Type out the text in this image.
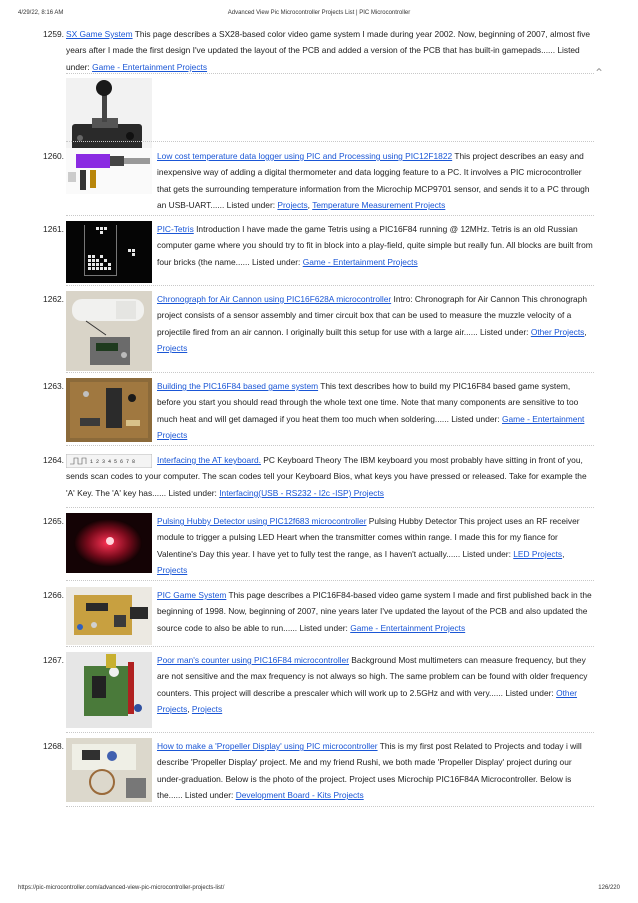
4/29/22, 8:16 AM	Advanced View Pic Microcontroller Projects List | PIC Microcontroller
⌃
1259. SX Game System This page describes a SX28-based color video game system I made during year 2002. Now, beginning of 2007, almost five years after I made the first design I've updated the layout of the PCB and added a version of the PCB that has built-in gamepads...... Listed under: Game - Entertainment Projects
1260.	Low cost temperature data logger using PIC and Processing using PIC12F1822 This project describes an easy and inexpensive way of adding a digital thermometer and data logging feature to a PC. It involves a PIC microcontroller that gets the surrounding temperature information from the Microchip MCP9701 sensor, and sends it to a PC through an USB-UART...... Listed under: Projects, Temperature Measurement Projects
1261.	PIC-Tetris Introduction I have made the game Tetris using a PIC16F84 running @ 12MHz. Tetris is an old Russian computer game where you should try to fit in block into a play-field, quite simple but really fun. All blocks are built from four bricks (the name...... Listed under: Game - Entertainment Projects
1262.	Chronograph for Air Cannon using PIC16F628A microcontroller Intro: Chronograph for Air Cannon This chronograph project consists of a sensor assembly and timer circuit box that can be used to measure the muzzle velocity of a projectile fired from an air cannon. I originally built this setup for use with a large air...... Listed under: Other Projects, Projects
1263.	Building the PIC16F84 based game system This text describes how to build my PIC16F84 based game system, before you start you should read through the whole text one time. Note that many components are sensitive to too much heat and will get damaged if you heat them too much when soldering...... Listed under: Game - Entertainment Projects
1264.	1 2 3 4 5 6 7 8	Interfacing the AT keyboard. PC Keyboard Theory The IBM keyboard you most probably have sitting in front of you, sends scan codes to your computer. The scan codes tell your Keyboard Bios, what keys you have pressed or released. Take for example the 'A' Key. The 'A' key has...... Listed under: Interfacing(USB - RS232 - I2c -ISP) Projects

1265.	Pulsing Hubby Detector using PIC12f683 microcontroller Pulsing Hubby Detector This project uses an RF receiver module to trigger a pulsing LED Heart when the transmitter comes within range. I made this for my fiance for Valentine's Day this year. I have yet to fully test the range, as I haven't actually...... Listed under: LED Projects, Projects
1266.	PIC Game System This page describes a PIC16F84-based video game system I made and first published back in the beginning of 1998. Now, beginning of 2007, nine years later I've updated the layout of the PCB and also updated the source code to also be able to run...... Listed under: Game - Entertainment Projects
1267.	Poor man's counter using PIC16F84 microcontroller Background Most multimeters can measure frequency, but they are not sensitive and the max frequency is not always so high. The same problem can be found with older frequency counters. This project will describe a prescaler which will work up to 2.5GHz and with very...... Listed under: Other Projects, Projects
1268.	How to make a 'Propeller Display' using PIC microcontroller This is my first post Related to Projects and today i will describe 'Propeller Display' project. Me and my friend Rushi, we both made 'Propeller Display' project during our under-graduation. Below is the photo of the project. Project uses Microchip PIC16F84A Microcontroller. Below is the...... Listed under: Development Board - Kits Projects
https://pic-microcontroller.com/advanced-view-pic-microcontroller-projects-list/	126/220
